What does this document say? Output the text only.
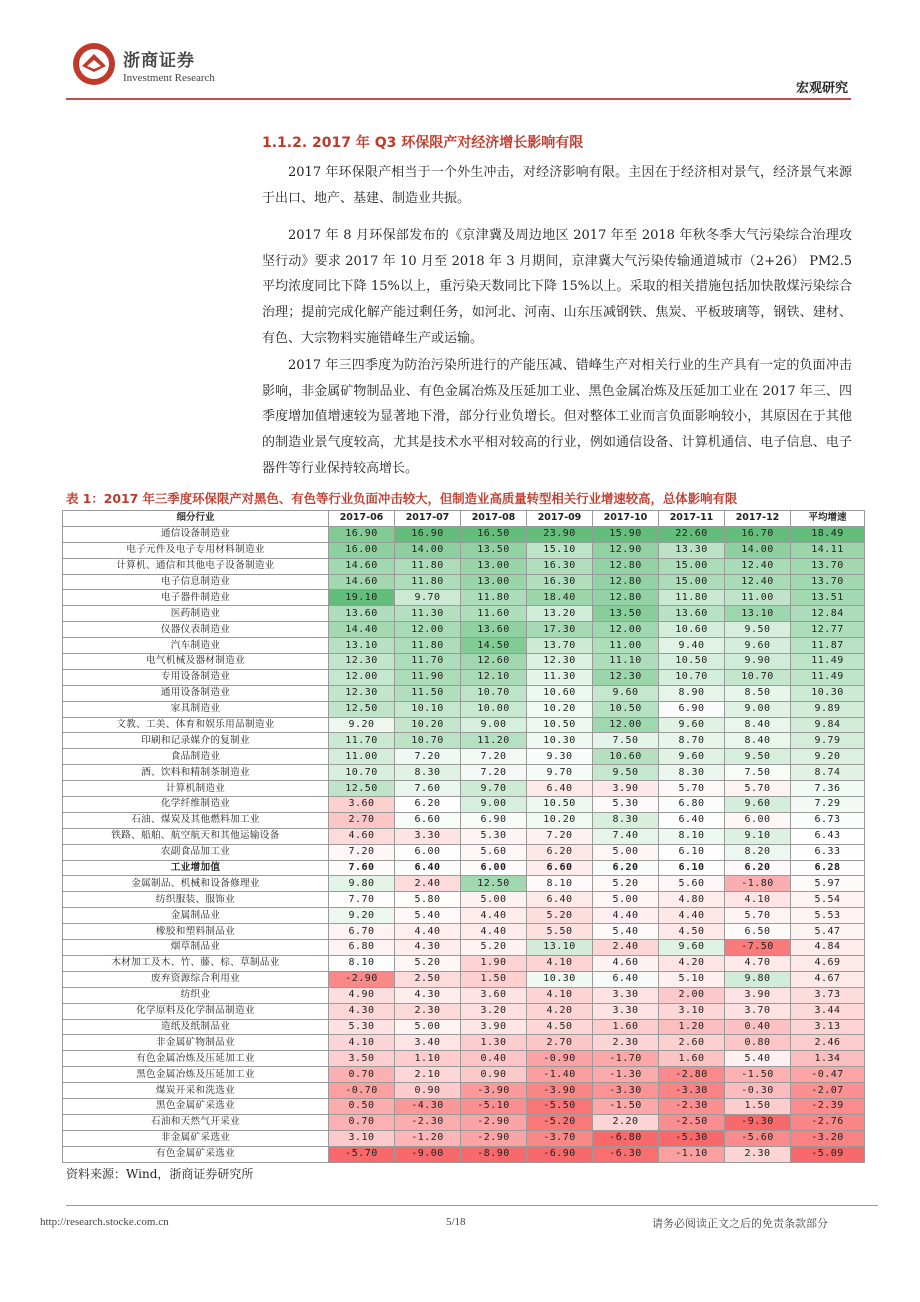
浙商证券
Investment Research
宏观研究
1.1.2. 2017 年 Q3 环保限产对经济增长影响有限

2017 年环保限产相当于一个外生冲击，对经济影响有限。主因在于经济相对景气，经济景气来源于出口、地产、基建、制造业共振。

2017 年 8 月环保部发布的《京津冀及周边地区 2017 年至 2018 年秋冬季大气污染综合治理攻坚行动》要求 2017 年 10 月至 2018 年 3 月期间，京津冀大气污染传输通道城市（2+26） PM2.5 平均浓度同比下降 15%以上，重污染天数同比下降 15%以上。采取的相关措施包括加快散煤污染综合治理；提前完成化解产能过剩任务，如河北、河南、山东压减钢铁、焦炭、平板玻璃等，钢铁、建材、有色、大宗物料实施错峰生产或运输。

2017 年三四季度为防治污染所进行的产能压减、错峰生产对相关行业的生产具有一定的负面冲击影响，非金属矿物制品业、有色金属冶炼及压延加工业、黑色金属冶炼及压延加工业在 2017 年三、四季度增加值增速较为显著地下滑，部分行业负增长。但对整体工业而言负面影响较小，其原因在于其他的制造业景气度较高，尤其是技术水平相对较高的行业，例如通信设备、计算机通信、电子信息、电子器件等行业保持较高增长。

表 1：2017 年三季度环保限产对黑色、有色等行业负面冲击较大，但制造业高质量转型相关行业增速较高，总体影响有限
细分行业	2017-06	2017-07	2017-08	2017-09	2017-10	2017-11	2017-12	平均增速
通信设备制造业	16.90	16.90	16.50	23.90	15.90	22.60	16.70	18.49
电子元件及电子专用材料制造业	16.00	14.00	13.50	15.10	12.90	13.30	14.00	14.11
计算机、通信和其他电子设备制造业	14.60	11.80	13.00	16.30	12.80	15.00	12.40	13.70
电子信息制造业	14.60	11.80	13.00	16.30	12.80	15.00	12.40	13.70
电子器件制造业	19.10	9.70	11.80	18.40	12.80	11.80	11.00	13.51
医药制造业	13.60	11.30	11.60	13.20	13.50	13.60	13.10	12.84
仪器仪表制造业	14.40	12.00	13.60	17.30	12.00	10.60	9.50	12.77
汽车制造业	13.10	11.80	14.50	13.70	11.00	9.40	9.60	11.87
电气机械及器材制造业	12.30	11.70	12.60	12.30	11.10	10.50	9.90	11.49
专用设备制造业	12.00	11.90	12.10	11.30	12.30	10.70	10.70	11.49
通用设备制造业	12.30	11.50	10.70	10.60	9.60	8.90	8.50	10.30
家具制造业	12.50	10.10	10.00	10.20	10.50	6.90	9.00	9.89
文教、工美、体育和娱乐用品制造业	9.20	10.20	9.00	10.50	12.00	9.60	8.40	9.84
印刷和记录媒介的复制业	11.70	10.70	11.20	10.30	7.50	8.70	8.40	9.79
食品制造业	11.00	7.20	7.20	9.30	10.60	9.60	9.50	9.20
酒、饮料和精制茶制造业	10.70	8.30	7.20	9.70	9.50	8.30	7.50	8.74
计算机制造业	12.50	7.60	9.70	6.40	3.90	5.70	5.70	7.36
化学纤维制造业	3.60	6.20	9.00	10.50	5.30	6.80	9.60	7.29
石油、煤炭及其他燃料加工业	2.70	6.60	6.90	10.20	8.30	6.40	6.00	6.73
铁路、船舶、航空航天和其他运输设备	4.60	3.30	5.30	7.20	7.40	8.10	9.10	6.43
农副食品加工业	7.20	6.00	5.60	6.20	5.00	6.10	8.20	6.33
工业增加值	7.60	6.40	6.00	6.60	6.20	6.10	6.20	6.28
金属制品、机械和设备修理业	9.80	2.40	12.50	8.10	5.20	5.60	-1.80	5.97
纺织服装、服饰业	7.70	5.80	5.00	6.40	5.00	4.80	4.10	5.54
金属制品业	9.20	5.40	4.40	5.20	4.40	4.40	5.70	5.53
橡胶和塑料制品业	6.70	4.40	4.40	5.50	5.40	4.50	6.50	5.47
烟草制品业	6.80	4.30	5.20	13.10	2.40	9.60	-7.50	4.84
木材加工及木、竹、藤、棕、草制品业	8.10	5.20	1.90	4.10	4.60	4.20	4.70	4.69
废弃资源综合利用业	-2.90	2.50	1.50	10.30	6.40	5.10	9.80	4.67
纺织业	4.90	4.30	3.60	4.10	3.30	2.00	3.90	3.73
化学原料及化学制品制造业	4.30	2.30	3.20	4.20	3.30	3.10	3.70	3.44
造纸及纸制品业	5.30	5.00	3.90	4.50	1.60	1.20	0.40	3.13
非金属矿物制品业	4.10	3.40	1.30	2.70	2.30	2.60	0.80	2.46
有色金属冶炼及压延加工业	3.50	1.10	0.40	-0.90	-1.70	1.60	5.40	1.34
黑色金属冶炼及压延加工业	0.70	2.10	0.90	-1.40	-1.30	-2.80	-1.50	-0.47
煤炭开采和洗选业	-0.70	0.90	-3.90	-3.90	-3.30	-3.30	-0.30	-2.07
黑色金属矿采选业	0.50	-4.30	-5.10	-5.50	-1.50	-2.30	1.50	-2.39
石油和天然气开采业	0.70	-2.30	-2.90	-5.20	2.20	-2.50	-9.30	-2.76
非金属矿采选业	3.10	-1.20	-2.90	-3.70	-6.80	-5.30	-5.60	-3.20
有色金属矿采选业	-5.70	-9.00	-8.90	-6.90	-6.30	-1.10	2.30	-5.09
资料来源：Wind，浙商证券研究所
http://research.stocke.com.cn	5/18	请务必阅读正文之后的免责条款部分
